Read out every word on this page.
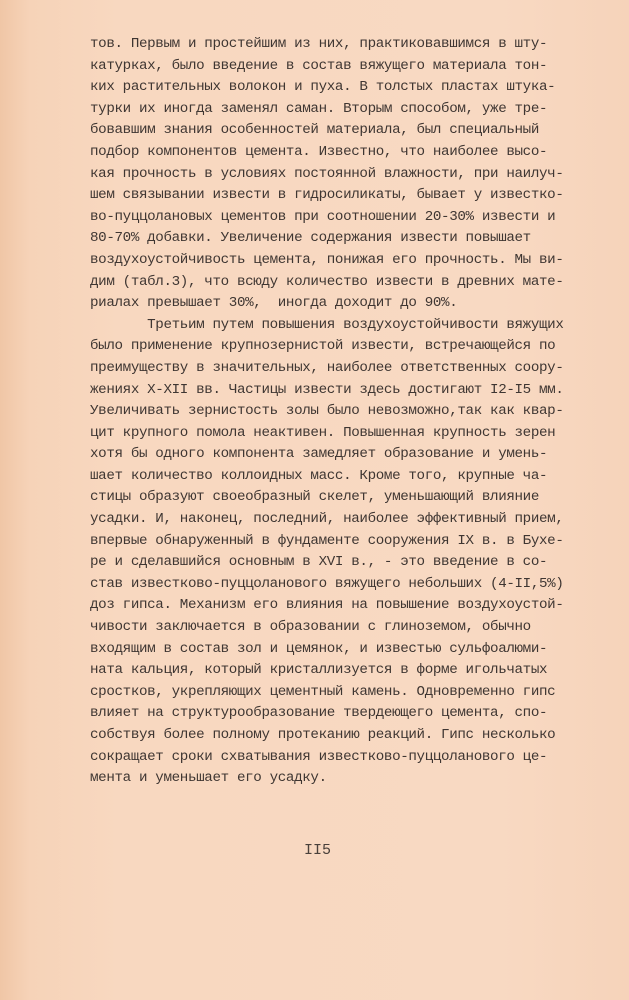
тов. Первым и простейшим из них, практиковавшимся в шту-
катурках, было введение в состав вяжущего материала тон-
ких растительных волокон и пуха. В толстых пластах штука-
турки их иногда заменял саман. Вторым способом, уже тре-
бовавшим знания особенностей материала, был специальный
подбор компонентов цемента. Известно, что наиболее высо-
кая прочность в условиях постоянной влажности, при наилуч-
шем связывании извести в гидросиликаты, бывает у известко-
во-пуццолановых цементов при соотношении 20-30% извести и
80-70% добавки. Увеличение содержания извести повышает
воздухоустойчивость цемента, понижая его прочность. Мы ви-
дим (табл.3), что всюду количество извести в древних мате-
риалах превышает 30%,  иногда доходит до 90%.
Третьим путем повышения воздухоустойчивости вяжущих
было применение крупнозернистой извести, встречающейся по
преимуществу в значительных, наиболее ответственных соору-
жениях X-XII вв. Частицы извести здесь достигают I2-I5 мм.
Увеличивать зернистость золы было невозможно,так как квар-
цит крупного помола неактивен. Повышенная крупность зерен
хотя бы одного компонента замедляет образование и умень-
шает количество коллоидных масс. Кроме того, крупные ча-
стицы образуют своеобразный скелет, уменьшающий влияние
усадки. И, наконец, последний, наиболее эффективный прием,
впервые обнаруженный в фундаменте сооружения IX в. в Бухе-
ре и сделавшийся основным в XVI в., - это введение в со-
став известково-пуццоланового вяжущего небольших (4-II,5%)
доз гипса. Механизм его влияния на повышение воздухоустой-
чивости заключается в образовании с глиноземом, обычно
входящим в состав зол и цемянок, и известью сульфоалюми-
ната кальция, который кристаллизуется в форме игольчатых
сростков, укрепляющих цементный камень. Одновременно гипс
влияет на структурообразование твердеющего цемента, спо-
собствуя более полному протеканию реакций. Гипс несколько
сокращает сроки схватывания известково-пуццоланового це-
мента и уменьшает его усадку.
II5
